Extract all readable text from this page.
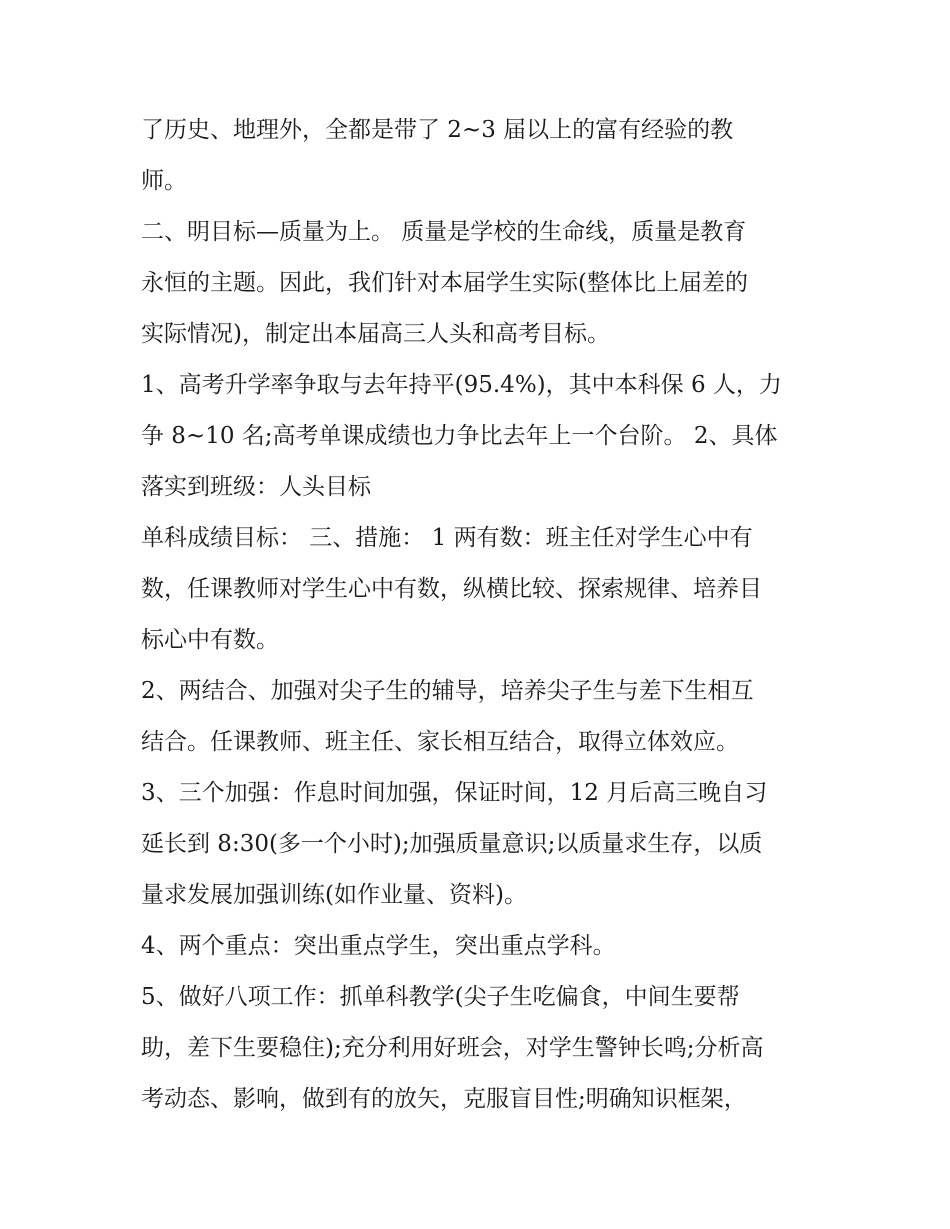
了历史、地理外，全都是带了 2~3 届以上的富有经验的教
师。
二、明目标—质量为上。 质量是学校的生命线，质量是教育
永恒的主题。因此，我们针对本届学生实际(整体比上届差的
实际情况)，制定出本届高三人头和高考目标。
1、高考升学率争取与去年持平(95.4%)，其中本科保 6 人，力
争 8~10 名;高考单课成绩也力争比去年上一个台阶。 2、具体
落实到班级：人头目标
单科成绩目标： 三、措施： 1 两有数：班主任对学生心中有
数，任课教师对学生心中有数，纵横比较、探索规律、培养目
标心中有数。
2、两结合、加强对尖子生的辅导，培养尖子生与差下生相互
结合。任课教师、班主任、家长相互结合，取得立体效应。
3、三个加强：作息时间加强，保证时间，12 月后高三晚自习
延长到 8:30(多一个小时);加强质量意识;以质量求生存，以质
量求发展加强训练(如作业量、资料)。
4、两个重点：突出重点学生，突出重点学科。
5、做好八项工作：抓单科教学(尖子生吃偏食，中间生要帮
助，差下生要稳住);充分利用好班会，对学生警钟长鸣;分析高
考动态、影响，做到有的放矢，克服盲目性;明确知识框架，
